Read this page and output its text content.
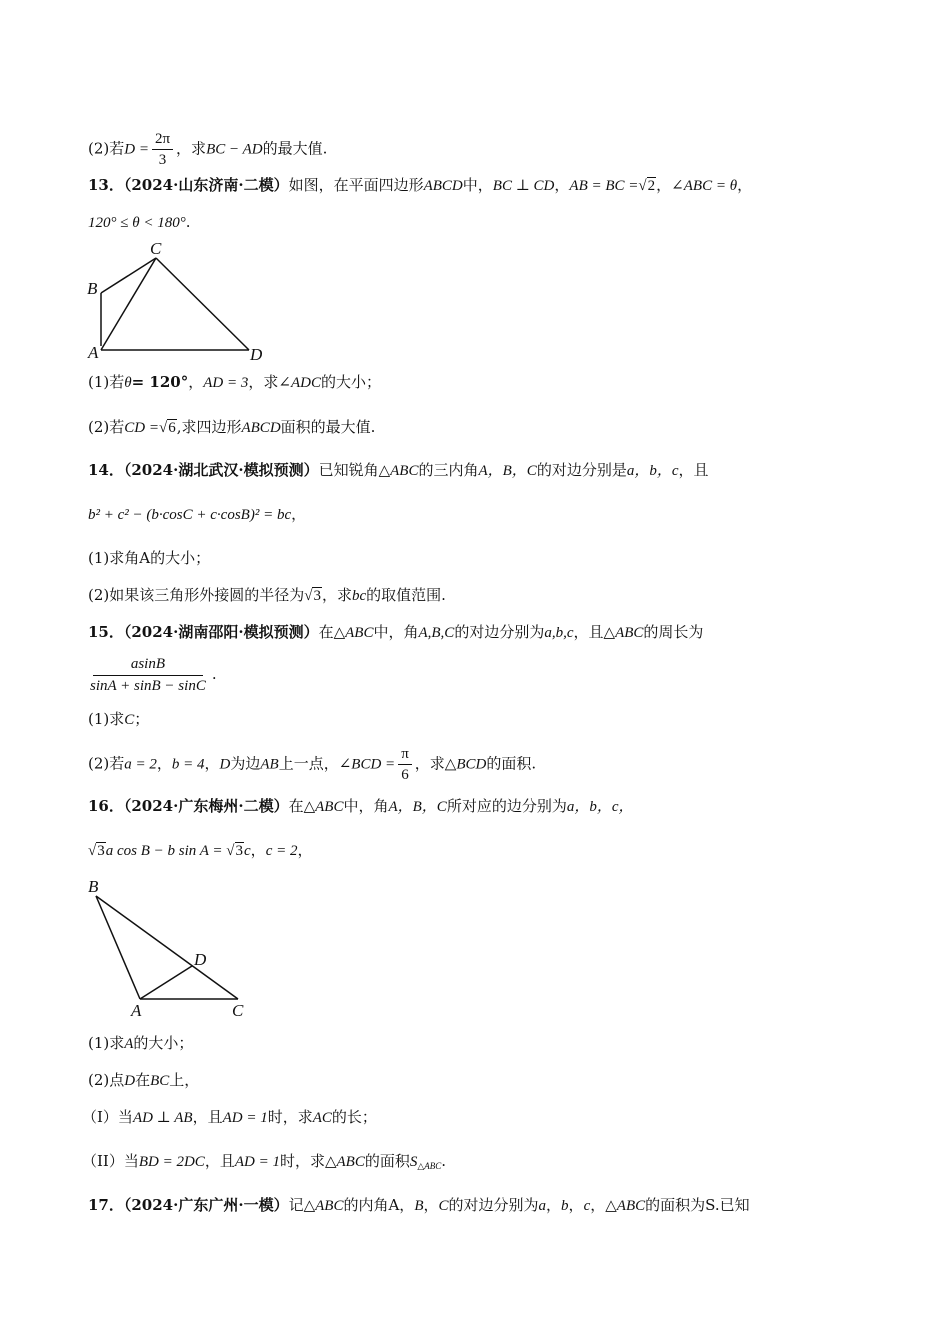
(2)若$D = \frac{2\pi}{3}$ ，求BC − AD的最大值.
13．（2024·山东济南·二模）如图，在平面四边形ABCD中，BC ⊥ CD，AB = BC =√2，∠ABC = θ，
120° ≤ θ < 180°.
C
B
A	D
(1)若θ= 120°，AD = 3，求∠ADC的大小；
(2)若CD =√6,求四边形ABCD面积的最大值.
14．（2024·湖北武汉·模拟预测）已知锐角△ABC的三内角A，B，C的对边分别是a，b，c，且
b² + c² − (b·cosC + c·cosB)² = bc，
(1)求角A的大小；
(2)如果该三角形外接圆的半径为√3，求bc的取值范围.
15．（2024·湖南邵阳·模拟预测）在△ABC中，角A,B,C的对边分别为a,b,c，且△ABC的周长为
$\frac{asinB}{\sin A + \sin B - \sin C}$ .
(1)求C；
(2)若a = 2，b = 4，D为边AB上一点，∠BCD = $\frac{\pi}{6}$ ，求△BCD的面积.
16．（2024·广东梅州·二模）在△ABC中，角A，B，C所对应的边分别为a，b，c，
√3a cos B − b sin A = √3c，c = 2，
B
D
A	C
(1)求A的大小；
(2)点D在BC上，
（I）当AD ⊥ AB，且AD = 1时，求AC的长；
（II）当BD = 2DC，且AD = 1时，求△ABC的面积$S_{\triangle ABC}$.
17．（2024·广东广州·一模）记△ABC的内角A，B，C的对边分别为a，b，c，△ABC的面积为S.已知
